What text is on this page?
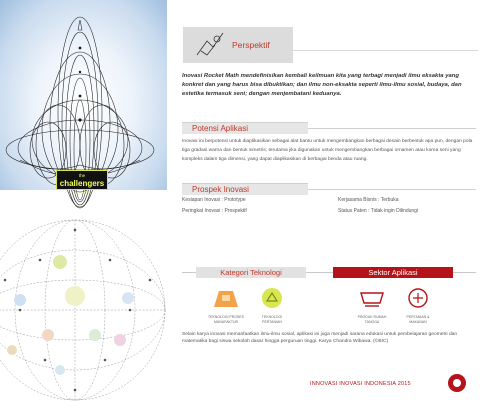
the
challengers
innovasi
Perspektif
Inovasi Rocket Math mendefinisikan kembali keilmuan kita yang terbagi menjadi ilmu eksakta yang konkret dan yang harus bisa dibuktikan; dan ilmu non-eksakta seperti ilmu-ilmu sosial, budaya, dan estetika termasuk seni; dengan menjembatani keduanya.
Potensi Aplikasi
Inovasi ini berpotensi untuk diaplikasikan sebagai alat bantu untuk mengembangkan berbagai desain berbentuk apa pun, dengan pola tiga gradasi warna dan bentuk simetris; terutama jika digunakan untuk mengembangkan berbagai ornamen atau korea seni yang kompleks dalam tiga dimensi, yang dapat diaplikasikan di berbagai benda atau ruang.
Prospek Inovasi
Kesiapan Inovasi : Prototype	Kerjasama Bisnis : Terbuka
Peringkat Inovasi : Prospektif	Status Paten : Tidak ingin Dilindungi
Kategori Teknologi	Sektor Aplikasi
TEKNOLOGI PROSES MANUFAKTUR
TEKNOLOGI PERTANIAN
PRODUK RUMAH TANGGA
PERTANIAN & MAKANAN
Selain karya inovasi memanfaatkan ilmu-ilmu sosial, aplikasi ini juga menjadi sarana edukasi untuk pembelajaran geometri dan matematika bagi siswa sekolah dasar hingga perguruan tinggi. Karya Chandra Wibawa. (©BIC)
INNOVASI INOVASI INDONESIA 2015
